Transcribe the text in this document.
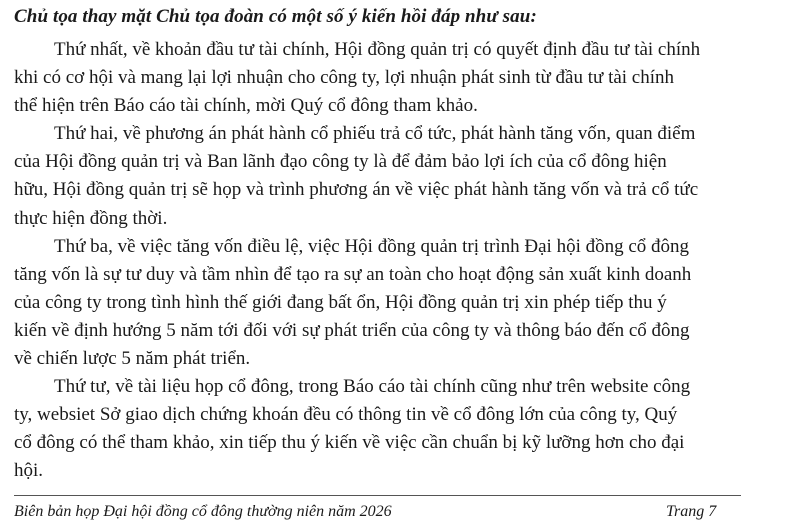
Chủ tọa thay mặt Chủ tọa đoàn có một số ý kiến hồi đáp như sau:

Thứ nhất, về khoản đầu tư tài chính, Hội đồng quản trị có quyết định đầu tư tài chính
khi có cơ hội và mang lại lợi nhuận cho công ty, lợi nhuận phát sinh từ đầu tư tài chính
thể hiện trên Báo cáo tài chính, mời Quý cổ đông tham khảo.

Thứ hai, về phương án phát hành cổ phiếu trả cổ tức, phát hành tăng vốn, quan điểm
của Hội đồng quản trị và Ban lãnh đạo công ty là để đảm bảo lợi ích của cổ đông hiện
hữu, Hội đồng quản trị sẽ họp và trình phương án về việc phát hành tăng vốn và trả cổ tức
thực hiện đồng thời.

Thứ ba, về việc tăng vốn điều lệ, việc Hội đồng quản trị trình Đại hội đồng cổ đông
tăng vốn là sự tư duy và tầm nhìn để tạo ra sự an toàn cho hoạt động sản xuất kinh doanh
của công ty trong tình hình thế giới đang bất ổn, Hội đồng quản trị xin phép tiếp thu ý
kiến về định hướng 5 năm tới đối với sự phát triển của công ty và thông báo đến cổ đông
về chiến lược 5 năm phát triển.

Thứ tư, về tài liệu họp cổ đông, trong Báo cáo tài chính cũng như trên website công
ty, websiet Sở giao dịch chứng khoán đều có thông tin về cổ đông lớn của công ty, Quý
cổ đông có thể tham khảo, xin tiếp thu ý kiến về việc cần chuẩn bị kỹ lưỡng hơn cho đại
hội.

Biên bản họp Đại hội đồng cổ đông thường niên năm 2026	Trang 7
